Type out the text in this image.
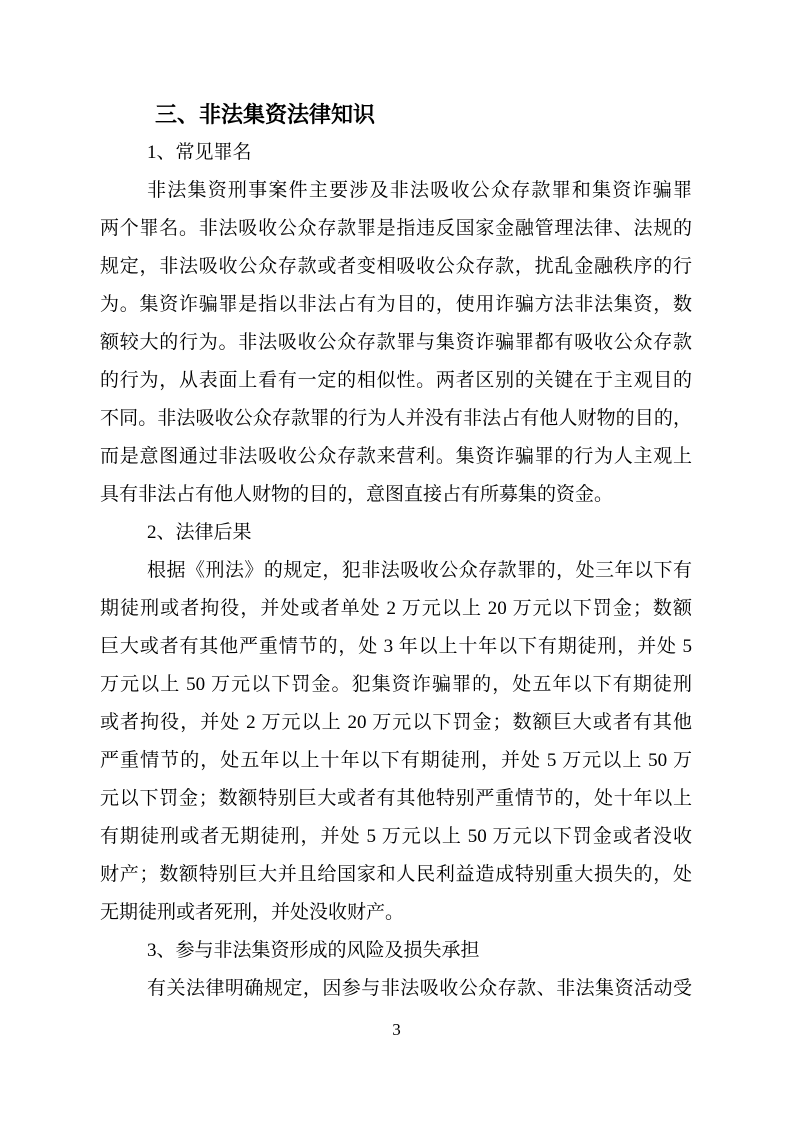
三、非法集资法律知识
1、常见罪名
非法集资刑事案件主要涉及非法吸收公众存款罪和集资诈骗罪
两个罪名。非法吸收公众存款罪是指违反国家金融管理法律、法规的
规定，非法吸收公众存款或者变相吸收公众存款，扰乱金融秩序的行
为。集资诈骗罪是指以非法占有为目的，使用诈骗方法非法集资，数
额较大的行为。非法吸收公众存款罪与集资诈骗罪都有吸收公众存款
的行为，从表面上看有一定的相似性。两者区别的关键在于主观目的
不同。非法吸收公众存款罪的行为人并没有非法占有他人财物的目的，
而是意图通过非法吸收公众存款来营利。集资诈骗罪的行为人主观上
具有非法占有他人财物的目的，意图直接占有所募集的资金。
2、法律后果
根据《刑法》的规定，犯非法吸收公众存款罪的，处三年以下有
期徒刑或者拘役，并处或者单处 2 万元以上 20 万元以下罚金；数额
巨大或者有其他严重情节的，处 3 年以上十年以下有期徒刑，并处 5
万元以上 50 万元以下罚金。犯集资诈骗罪的，处五年以下有期徒刑
或者拘役，并处 2 万元以上 20 万元以下罚金；数额巨大或者有其他
严重情节的，处五年以上十年以下有期徒刑，并处 5 万元以上 50 万
元以下罚金；数额特别巨大或者有其他特别严重情节的，处十年以上
有期徒刑或者无期徒刑，并处 5 万元以上 50 万元以下罚金或者没收
财产；数额特别巨大并且给国家和人民利益造成特别重大损失的，处
无期徒刑或者死刑，并处没收财产。
3、参与非法集资形成的风险及损失承担
有关法律明确规定，因参与非法吸收公众存款、非法集资活动受
3
